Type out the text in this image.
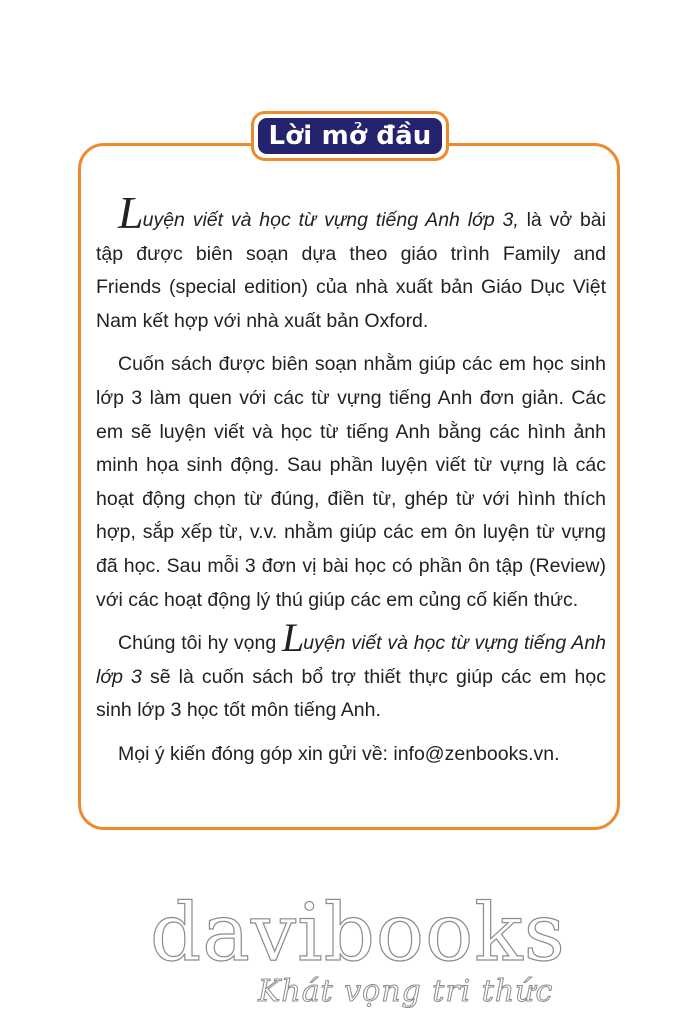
Lời mở đầu

Luyện viết và học từ vựng tiếng Anh lớp 3, là vở bài tập được biên soạn dựa theo giáo trình Family and Friends (special edition) của nhà xuất bản Giáo Dục Việt Nam kết hợp với nhà xuất bản Oxford.

Cuốn sách được biên soạn nhằm giúp các em học sinh lớp 3 làm quen với các từ vựng tiếng Anh đơn giản. Các em sẽ luyện viết và học từ tiếng Anh bằng các hình ảnh minh họa sinh động. Sau phần luyện viết từ vựng là các hoạt động chọn từ đúng, điền từ, ghép từ với hình thích hợp, sắp xếp từ, v.v. nhằm giúp các em ôn luyện từ vựng đã học. Sau mỗi 3 đơn vị bài học có phần ôn tập (Review) với các hoạt động lý thú giúp các em củng cố kiến thức.

Chúng tôi hy vọng Luyện viết và học từ vựng tiếng Anh lớp 3 sẽ là cuốn sách bổ trợ thiết thực giúp các em học sinh lớp 3 học tốt môn tiếng Anh.

Mọi ý kiến đóng góp xin gửi về: info@zenbooks.vn.

davibooks
Khát vọng tri thức
